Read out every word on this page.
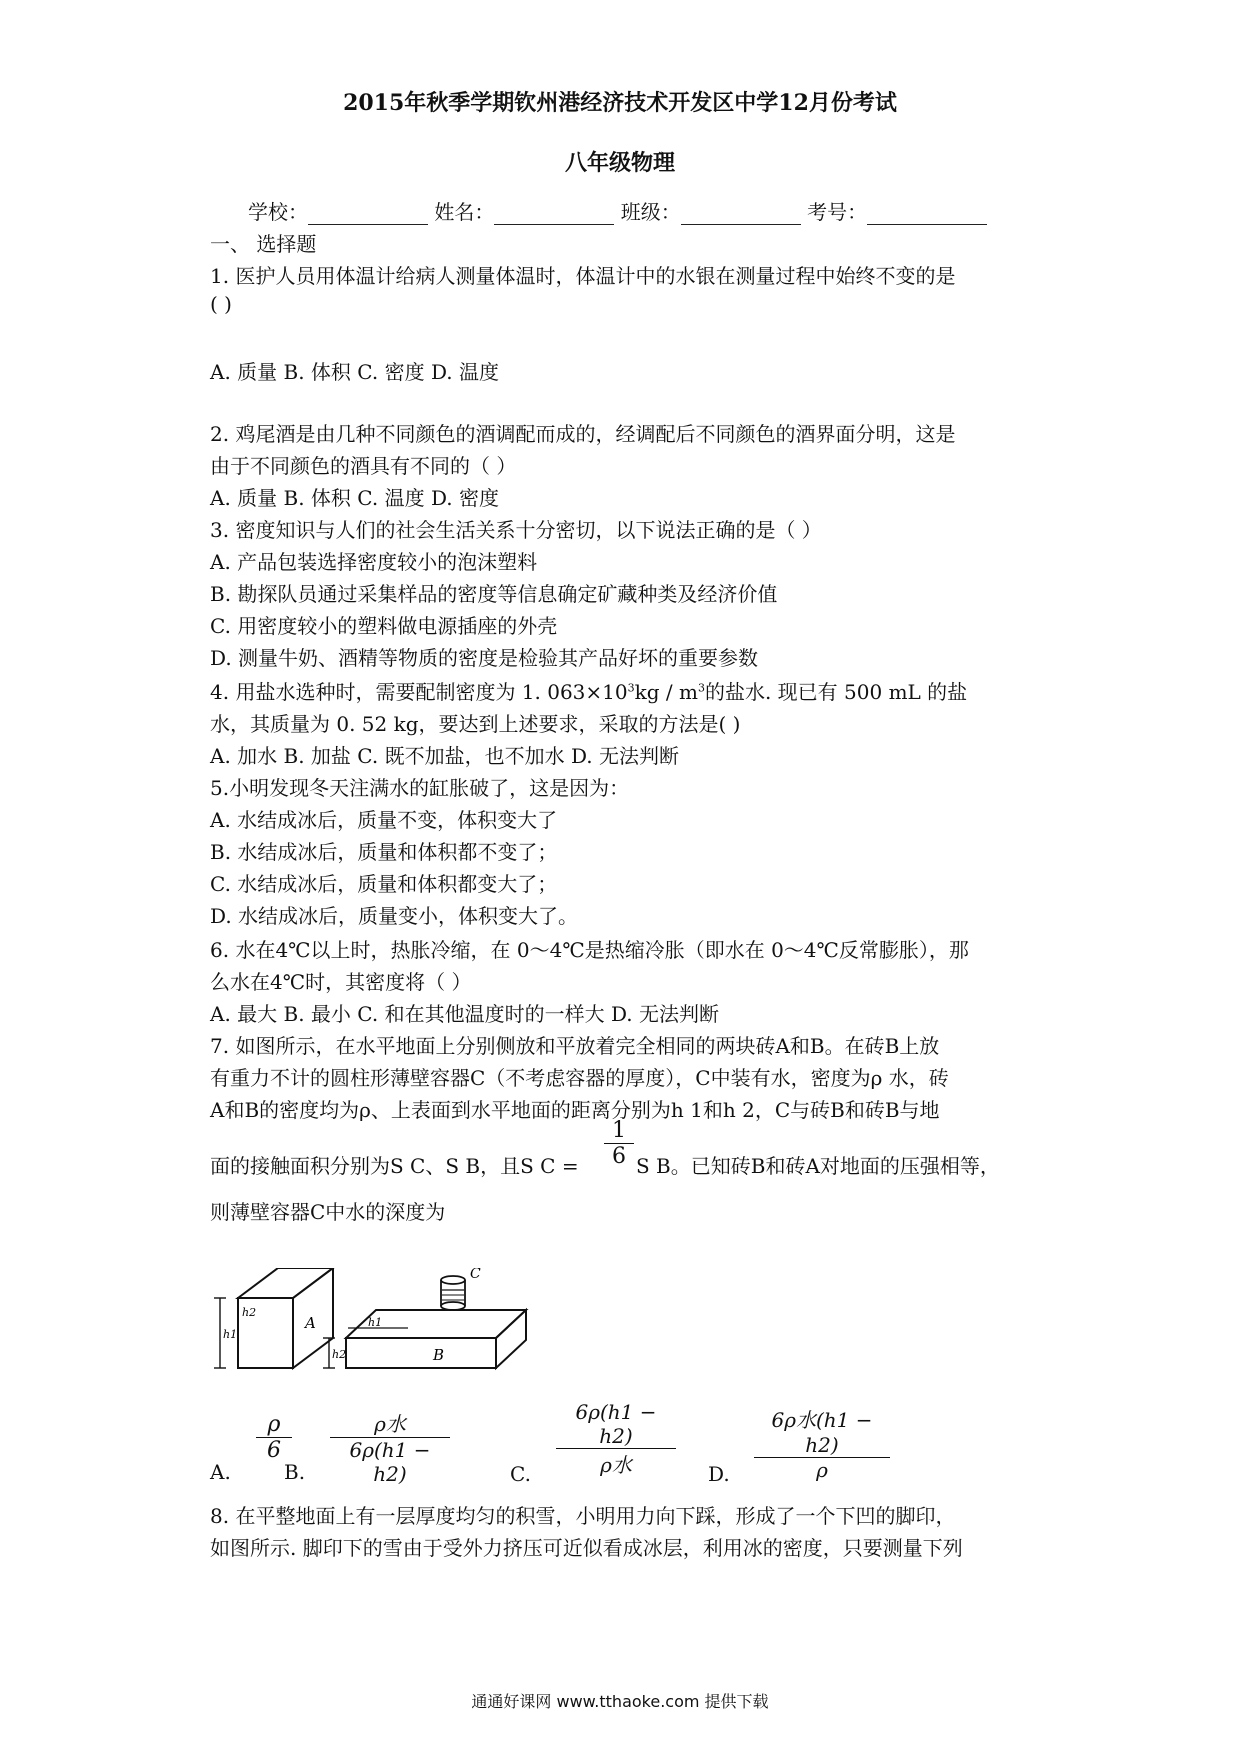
2015年秋季学期钦州港经济技术开发区中学12月份考试
八年级物理
学校：	姓名：	班级：	考号：
一、 选择题
1. 医护人员用体温计给病人测量体温时，体温计中的水银在测量过程中始终不变的是
( )
A. 质量 B. 体积 C. 密度 D. 温度
2. 鸡尾酒是由几种不同颜色的酒调配而成的，经调配后不同颜色的酒界面分明，这是
由于不同颜色的酒具有不同的（ ）
A. 质量 B. 体积 C. 温度 D. 密度
3. 密度知识与人们的社会生活关系十分密切，以下说法正确的是（ ）
A. 产品包装选择密度较小的泡沫塑料
B. 勘探队员通过采集样品的密度等信息确定矿藏种类及经济价值
C. 用密度较小的塑料做电源插座的外壳
D. 测量牛奶、酒精等物质的密度是检验其产品好坏的重要参数
4. 用盐水选种时，需要配制密度为 1. $063\times 10^3kg / m^3$的盐水. 现已有 500 mL 的盐
水，其质量为 0. 52 kg，要达到上述要求，采取的方法是( )
A. 加水 B. 加盐 C. 既不加盐，也不加水 D. 无法判断
5.小明发现冬天注满水的缸胀破了，这是因为：
A. 水结成冰后，质量不变，体积变大了
B. 水结成冰后，质量和体积都不变了；
C. 水结成冰后，质量和体积都变大了；
D. 水结成冰后，质量变小，体积变大了。
6. 水在4℃以上时，热胀冷缩，在 0～4℃是热缩冷胀（即水在 0～4℃反常膨胀），那
么水在4℃时，其密度将（ ）
A. 最大 B. 最小 C. 和在其他温度时的一样大 D. 无法判断
7. 如图所示，在水平地面上分别侧放和平放着完全相同的两块砖A和B。在砖B上放
有重力不计的圆柱形薄壁容器C（不考虑容器的厚度），C中装有水，密度为ρ 水，砖
A和B的密度均为ρ、上表面到水平地面的距离分别为h 1和h 2，C与砖B和砖B与地
$\frac{1}{6}$
面的接触面积分别为S C、S B，且S C =	S B。已知砖B和砖A对地面的压强相等，
则薄壁容器C中水的深度为
A
h1
h2
C
B
h2
h1
A.
$\frac{\rho}{6}$
B.
ρ水
6ρ(h1 − h2)	C.
6ρ(h1 − h2)
ρ水	D.
6ρ水(h1 − h2)
ρ
8. 在平整地面上有一层厚度均匀的积雪，小明用力向下踩，形成了一个下凹的脚印，
如图所示. 脚印下的雪由于受外力挤压可近似看成冰层，利用冰的密度，只要测量下列
通通好课网 www.tthaoke.com 提供下载
